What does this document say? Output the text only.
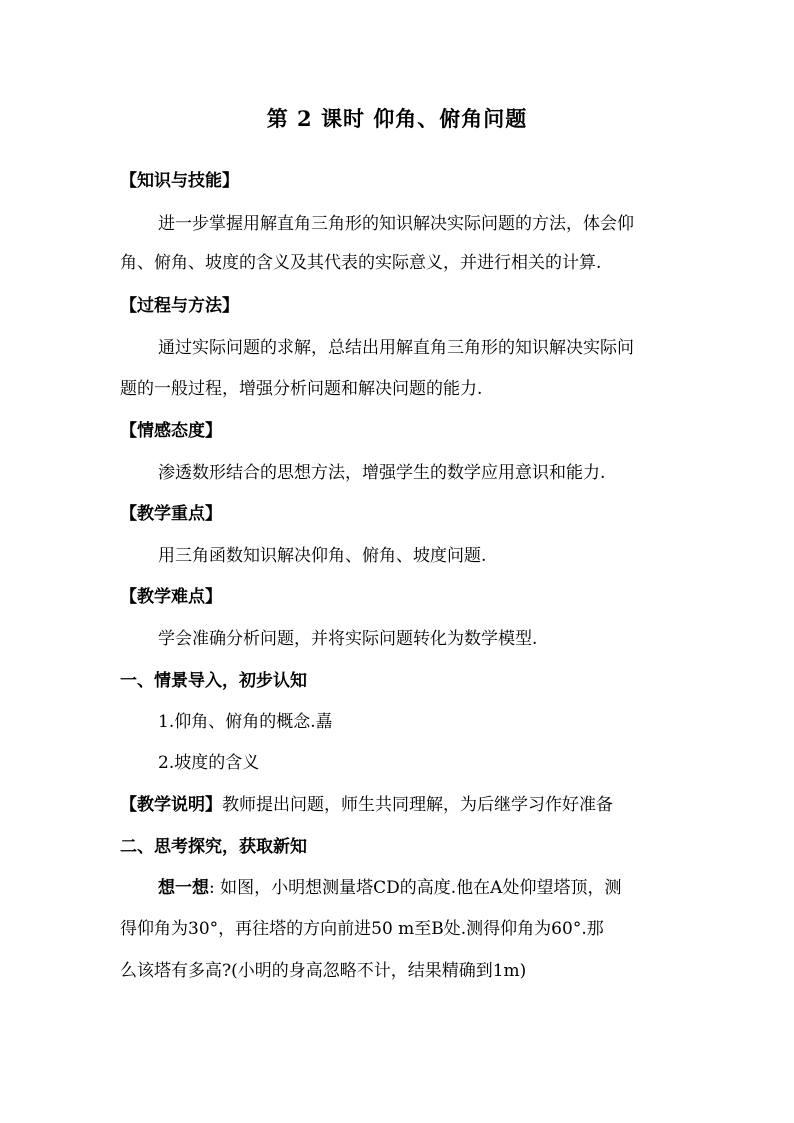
第 2 课时 仰角、俯角问题
【知识与技能】
进一步掌握用解直角三角形的知识解决实际问题的方法，体会仰
角、俯角、坡度的含义及其代表的实际意义，并进行相关的计算.
【过程与方法】
通过实际问题的求解，总结出用解直角三角形的知识解决实际问
题的一般过程，增强分析问题和解决问题的能力.
【情感态度】
渗透数形结合的思想方法，增强学生的数学应用意识和能力.
【教学重点】
用三角函数知识解决仰角、俯角、坡度问题.
【教学难点】
学会准确分析问题，并将实际问题转化为数学模型.
一、情景导入，初步认知
1.仰角、俯角的概念.嚞
2.坡度的含义
【教学说明】教师提出问题，师生共同理解，为后继学习作好准备
二、思考探究，获取新知
想一想: 如图，小明想测量塔CD的高度.他在A处仰望塔顶，测
得仰角为30°，再往塔的方向前进50 m至B处.测得仰角为60°.那
么该塔有多高?(小明的身高忽略不计，结果精确到1m)
